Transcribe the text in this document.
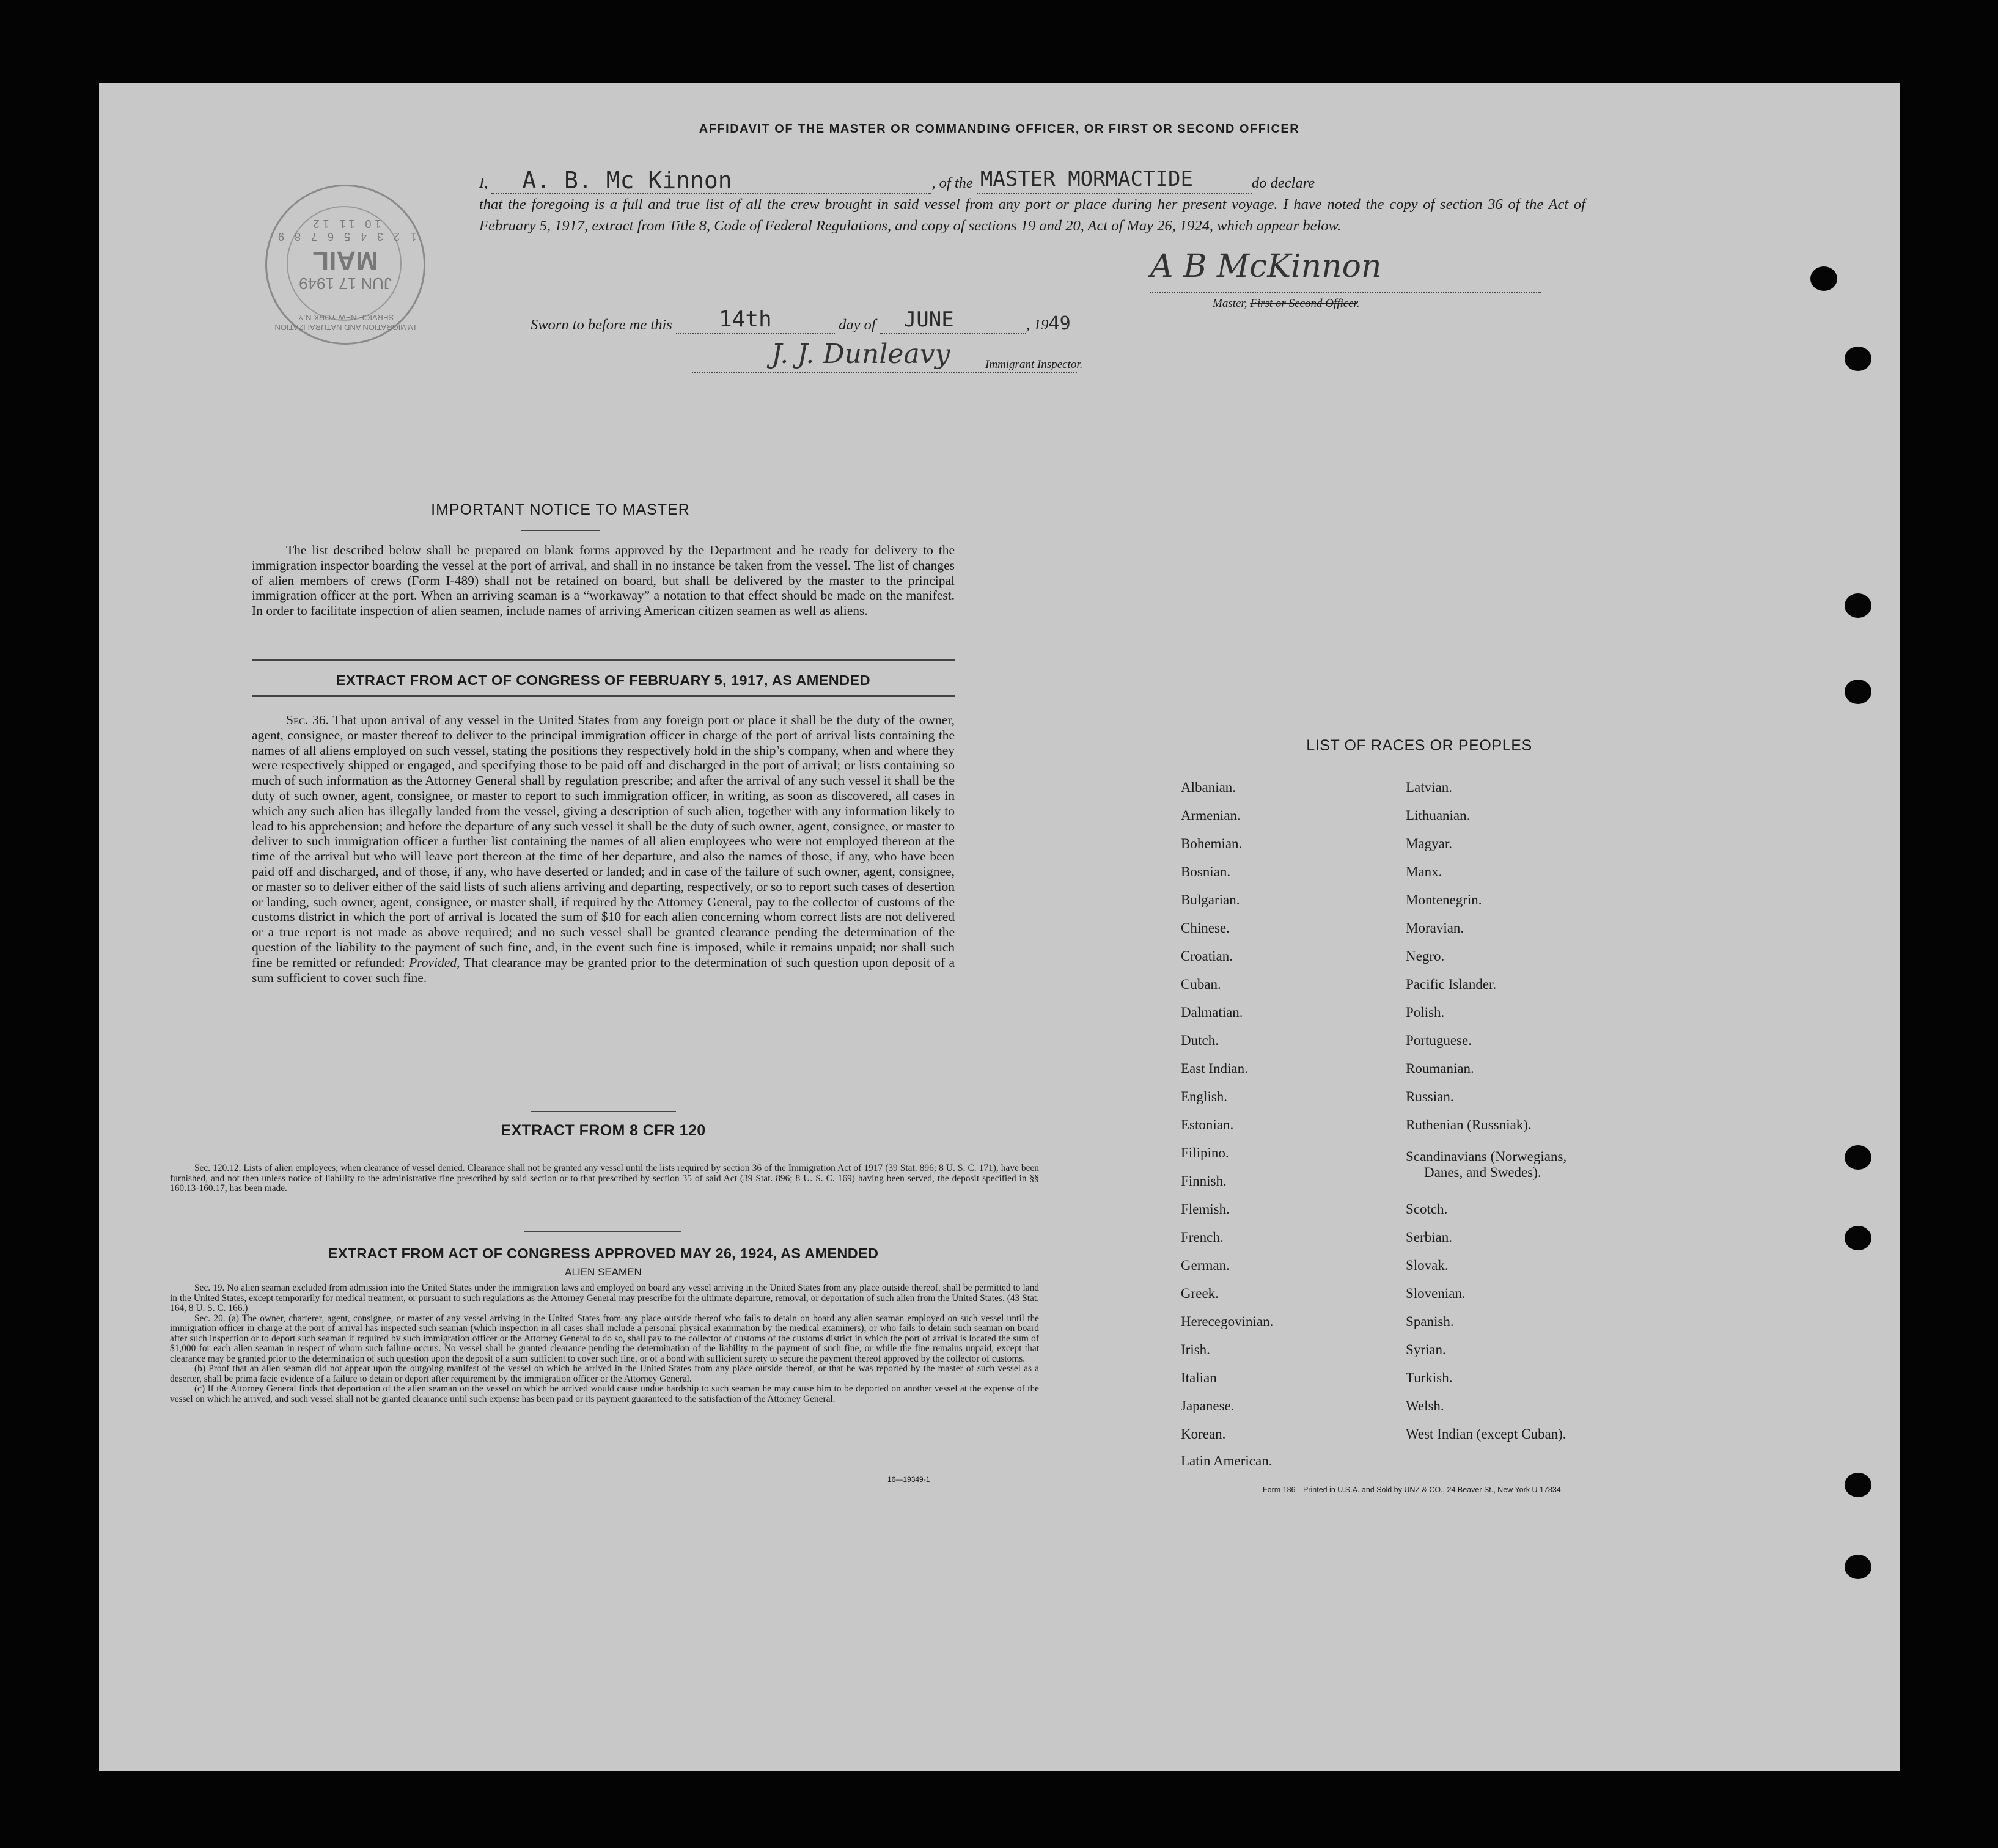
AFFIDAVIT OF THE MASTER OR COMMANDING OFFICER, OR FIRST OR SECOND OFFICER
IMMIGRATION AND NATURALIZATION SERVICE NEW YORK N.Y.
JUN 17 1949
MAIL
1 2 3 4 5 6 7 8 9 10 11 12
I, A. B. Mc Kinnon	, of the MASTER MORMACTIDE	do declare
that the foregoing is a full and true list of all the crew brought in said vessel from any port or place during her present voyage. I have noted the copy of section 36 of the Act of February 5, 1917, extract from Title 8, Code of Federal Regulations, and copy of sections 19 and 20, Act of May 26, 1924, which appear below.
A B McKinnon
Master, First or Second Officer.
Sworn to before me this 14th	day of JUNE	, 1949
J. J. Dunleavy	Immigrant Inspector.
IMPORTANT NOTICE TO MASTER
The list described below shall be prepared on blank forms approved by the Department and be ready for delivery to the immigration inspector boarding the vessel at the port of arrival, and shall in no instance be taken from the vessel. The list of changes of alien members of crews (Form I-489) shall not be retained on board, but shall be delivered by the master to the principal immigration officer at the port. When an arriving seaman is a “workaway” a notation to that effect should be made on the manifest. In order to facilitate inspection of alien seamen, include names of arriving American citizen seamen as well as aliens.
EXTRACT FROM ACT OF CONGRESS OF FEBRUARY 5, 1917, AS AMENDED
Sec. 36. That upon arrival of any vessel in the United States from any foreign port or place it shall be the duty of the owner, agent, consignee, or master thereof to deliver to the principal immigration officer in charge of the port of arrival lists containing the names of all aliens employed on such vessel, stating the positions they respectively hold in the ship’s company, when and where they were respectively shipped or engaged, and specifying those to be paid off and discharged in the port of arrival; or lists containing so much of such information as the Attorney General shall by regulation prescribe; and after the arrival of any such vessel it shall be the duty of such owner, agent, consignee, or master to report to such immigration officer, in writing, as soon as discovered, all cases in which any such alien has illegally landed from the vessel, giving a description of such alien, together with any information likely to lead to his apprehension; and before the departure of any such vessel it shall be the duty of such owner, agent, consignee, or master to deliver to such immigration officer a further list containing the names of all alien employees who were not employed thereon at the time of the arrival but who will leave port thereon at the time of her departure, and also the names of those, if any, who have been paid off and discharged, and of those, if any, who have deserted or landed; and in case of the failure of such owner, agent, consignee, or master so to deliver either of the said lists of such aliens arriving and departing, respectively, or so to report such cases of desertion or landing, such owner, agent, consignee, or master shall, if required by the Attorney General, pay to the collector of customs of the customs district in which the port of arrival is located the sum of $10 for each alien concerning whom correct lists are not delivered or a true report is not made as above required; and no such vessel shall be granted clearance pending the determination of the question of the liability to the payment of such fine, and, in the event such fine is imposed, while it remains unpaid; nor shall such fine be remitted or refunded: Provided, That clearance may be granted prior to the determination of such question upon deposit of a sum sufficient to cover such fine.
EXTRACT FROM 8 CFR 120
Sec. 120.12. Lists of alien employees; when clearance of vessel denied. Clearance shall not be granted any vessel until the lists required by section 36 of the Immigration Act of 1917 (39 Stat. 896; 8 U. S. C. 171), have been furnished, and not then unless notice of liability to the administrative fine prescribed by said section or to that prescribed by section 35 of said Act (39 Stat. 896; 8 U. S. C. 169) having been served, the deposit specified in §§ 160.13-160.17, has been made.
EXTRACT FROM ACT OF CONGRESS APPROVED MAY 26, 1924, AS AMENDED
ALIEN SEAMEN

Sec. 19. No alien seaman excluded from admission into the United States under the immigration laws and employed on board any vessel arriving in the United States from any place outside thereof, shall be permitted to land in the United States, except temporarily for medical treatment, or pursuant to such regulations as the Attorney General may prescribe for the ultimate departure, removal, or deportation of such alien from the United States. (43 Stat. 164, 8 U. S. C. 166.)

Sec. 20. (a) The owner, charterer, agent, consignee, or master of any vessel arriving in the United States from any place outside thereof who fails to detain on board any alien seaman employed on such vessel until the immigration officer in charge at the port of arrival has inspected such seaman (which inspection in all cases shall include a personal physical examination by the medical examiners), or who fails to detain such seaman on board after such inspection or to deport such seaman if required by such immigration officer or the Attorney General to do so, shall pay to the collector of customs of the customs district in which the port of arrival is located the sum of $1,000 for each alien seaman in respect of whom such failure occurs. No vessel shall be granted clearance pending the determination of the liability to the payment of such fine, or while the fine remains unpaid, except that clearance may be granted prior to the determination of such question upon the deposit of a sum sufficient to cover such fine, or of a bond with sufficient surety to secure the payment thereof approved by the collector of customs.

(b) Proof that an alien seaman did not appear upon the outgoing manifest of the vessel on which he arrived in the United States from any place outside thereof, or that he was reported by the master of such vessel as a deserter, shall be prima facie evidence of a failure to detain or deport after requirement by the immigration officer or the Attorney General.

(c) If the Attorney General finds that deportation of the alien seaman on the vessel on which he arrived would cause undue hardship to such seaman he may cause him to be deported on another vessel at the expense of the vessel on which he arrived, and such vessel shall not be granted clearance until such expense has been paid or its payment guaranteed to the satisfaction of the Attorney General.

16—19349-1
LIST OF RACES OR PEOPLES
Albanian.
Armenian.
Bohemian.
Bosnian.
Bulgarian.
Chinese.
Croatian.
Cuban.
Dalmatian.
Dutch.
East Indian.
English.
Estonian.
Filipino.
Finnish.
Flemish.
French.
German.
Greek.
Herecegovinian.
Irish.
Italian
Japanese.
Korean.
Latin American.
Latvian.
Lithuanian.
Magyar.
Manx.
Montenegrin.
Moravian.
Negro.
Pacific Islander.
Polish.
Portuguese.
Roumanian.
Russian.
Ruthenian (Russniak).
Scandinavians (Norwegians,
Danes, and Swedes).
Scotch.
Serbian.
Slovak.
Slovenian.
Spanish.
Syrian.
Turkish.
Welsh.
West Indian (except Cuban).
Form 186—Printed in U.S.A. and Sold by UNZ & CO., 24 Beaver St., New York U 17834
